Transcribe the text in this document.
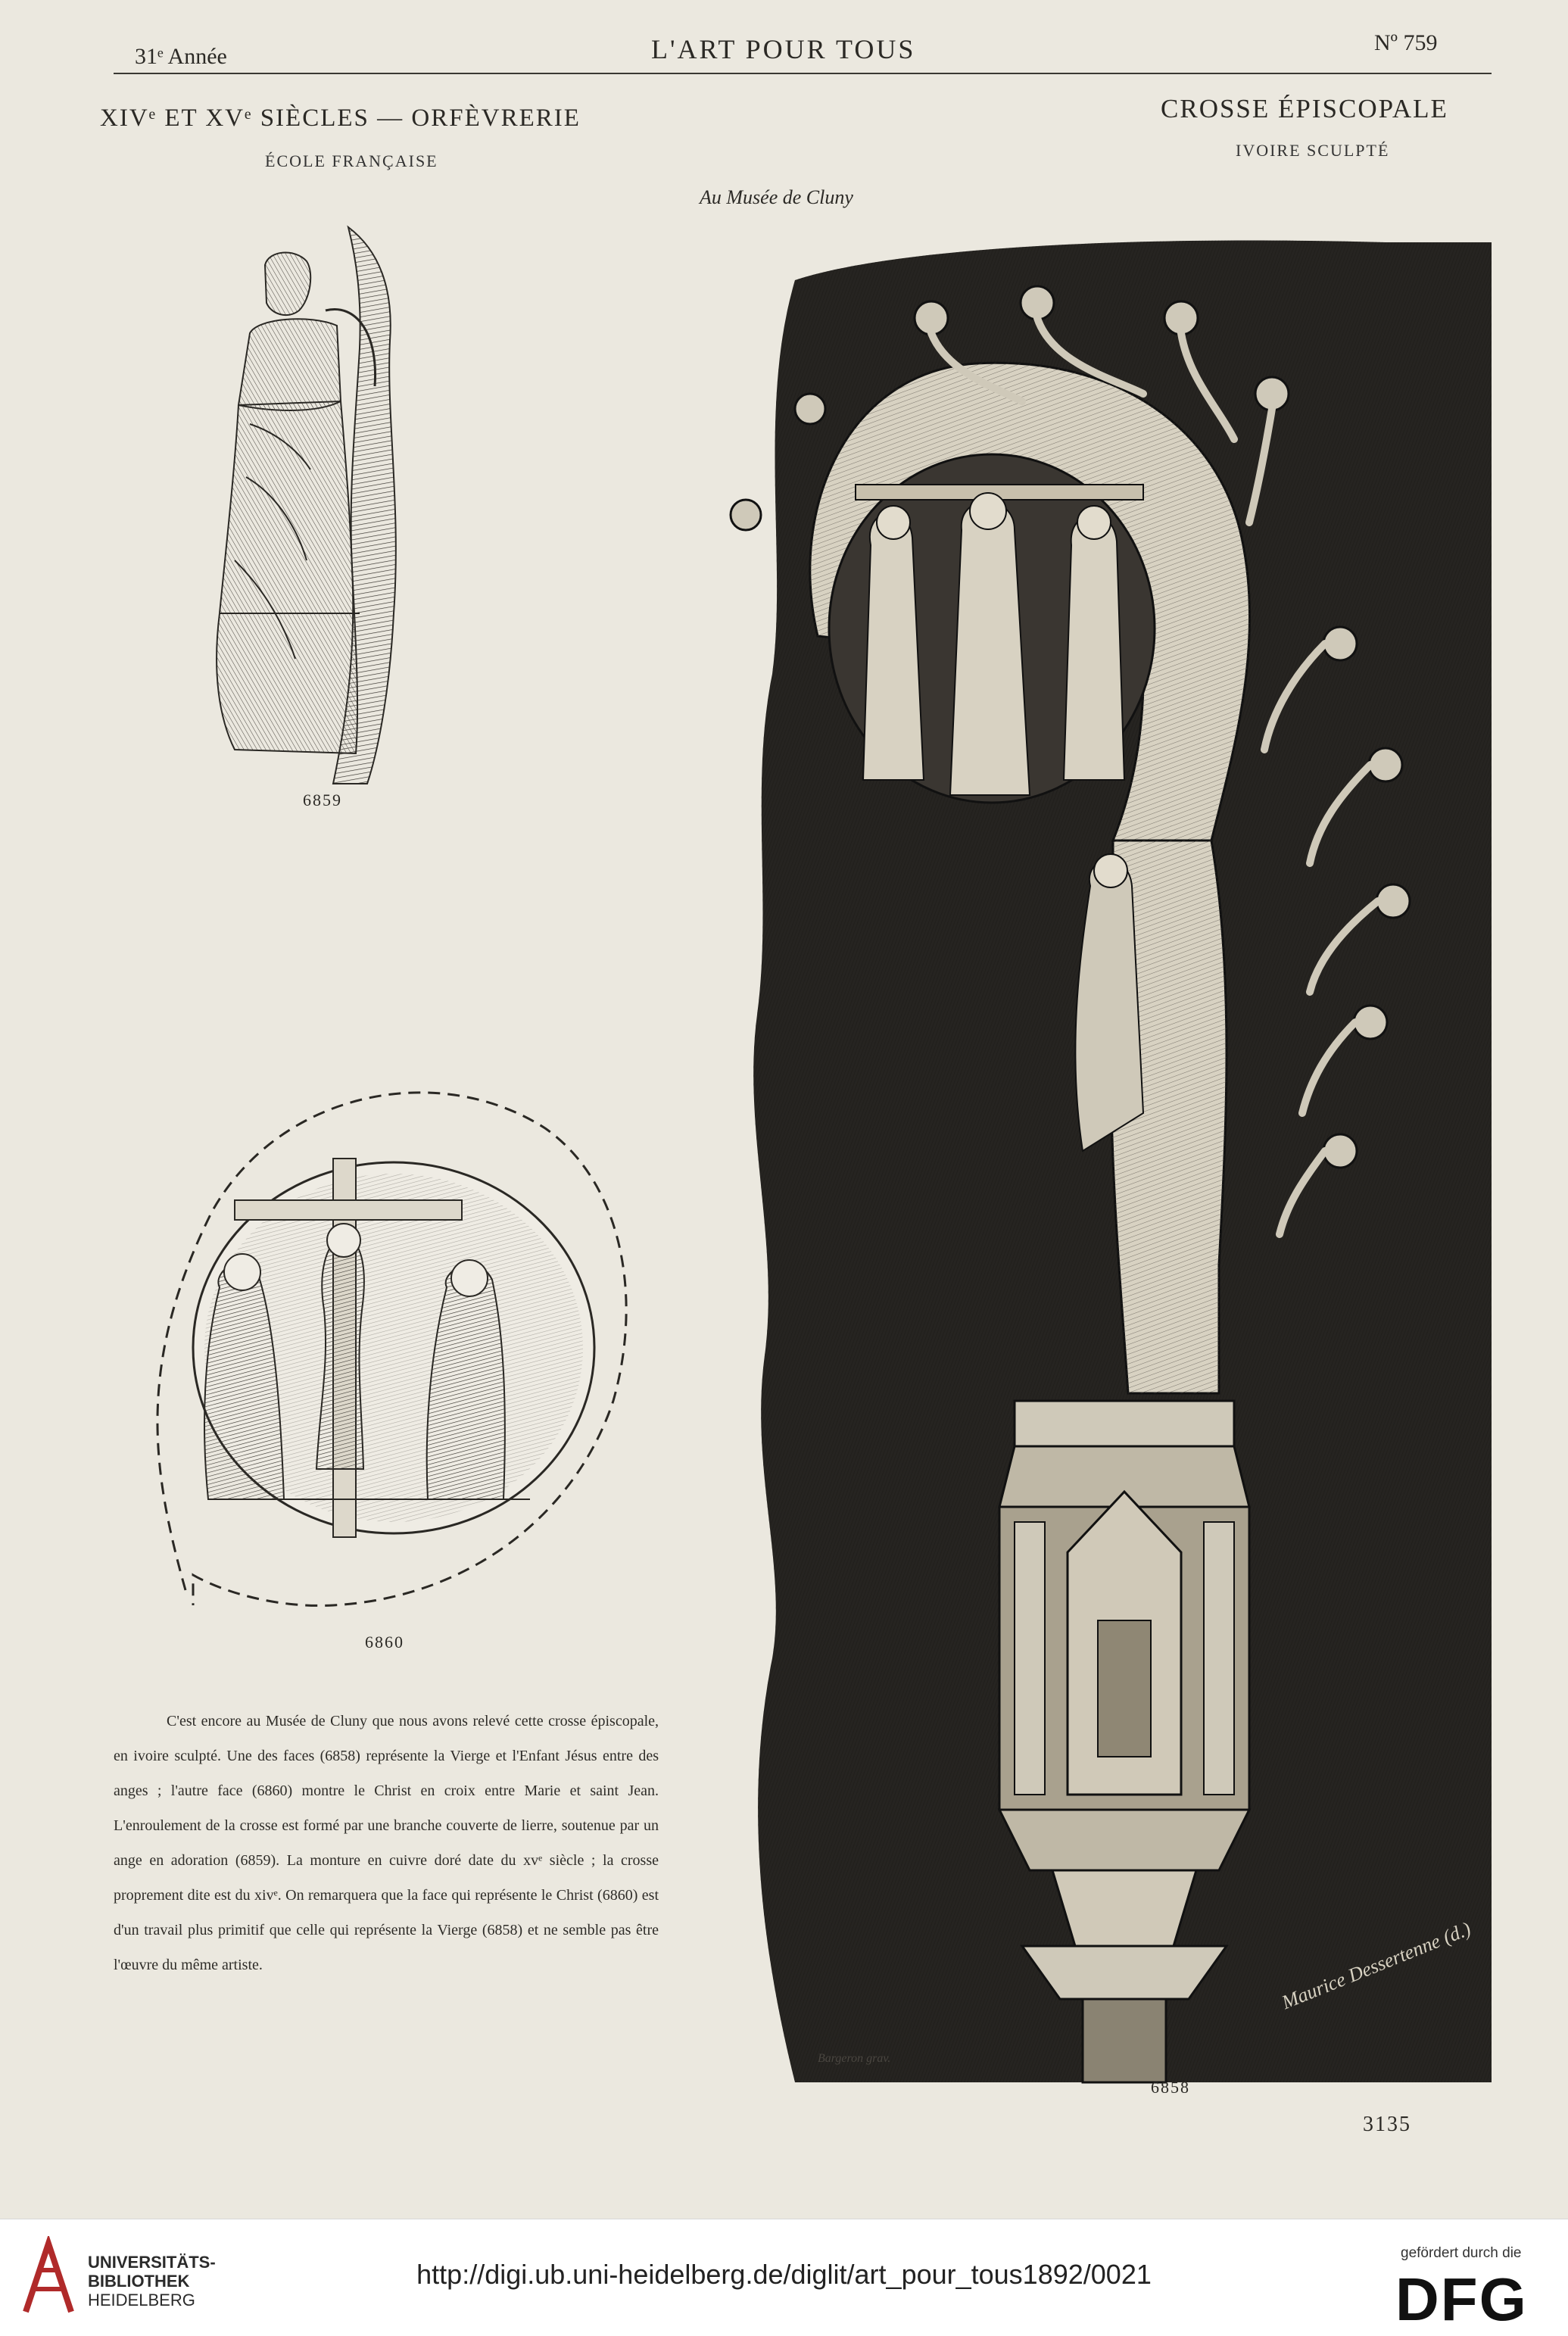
31ᵉ Année	L'ART POUR TOUS	Nº 759
XIVᵉ ET XVᵉ SIÈCLES — ORFÈVRERIE
ÉCOLE FRANÇAISE
CROSSE ÉPISCOPALE
IVOIRE SCULPTÉ
Au Musée de Cluny
6859
6860
Maurice Dessertenne (d.)
Bargeron grav.
6858
C'est encore au Musée de Cluny que nous avons relevé cette crosse épiscopale, en ivoire sculpté. Une des faces (6858) représente la Vierge et l'Enfant Jésus entre des anges ; l'autre face (6860) montre le Christ en croix entre Marie et saint Jean. L'enroulement de la crosse est formé par une branche couverte de lierre, soutenue par un ange en adoration (6859). La monture en cuivre doré date du xvᵉ siècle ; la crosse proprement dite est du xivᵉ. On remarquera que la face qui représente le Christ (6860) est d'un travail plus primitif que celle qui représente la Vierge (6858) et ne semble pas être l'œuvre du même artiste.
3135
UNIVERSITÄTS-
BIBLIOTHEK
HEIDELBERG
http://digi.ub.uni-heidelberg.de/diglit/art_pour_tous1892/0021
gefördert durch die
DFG
